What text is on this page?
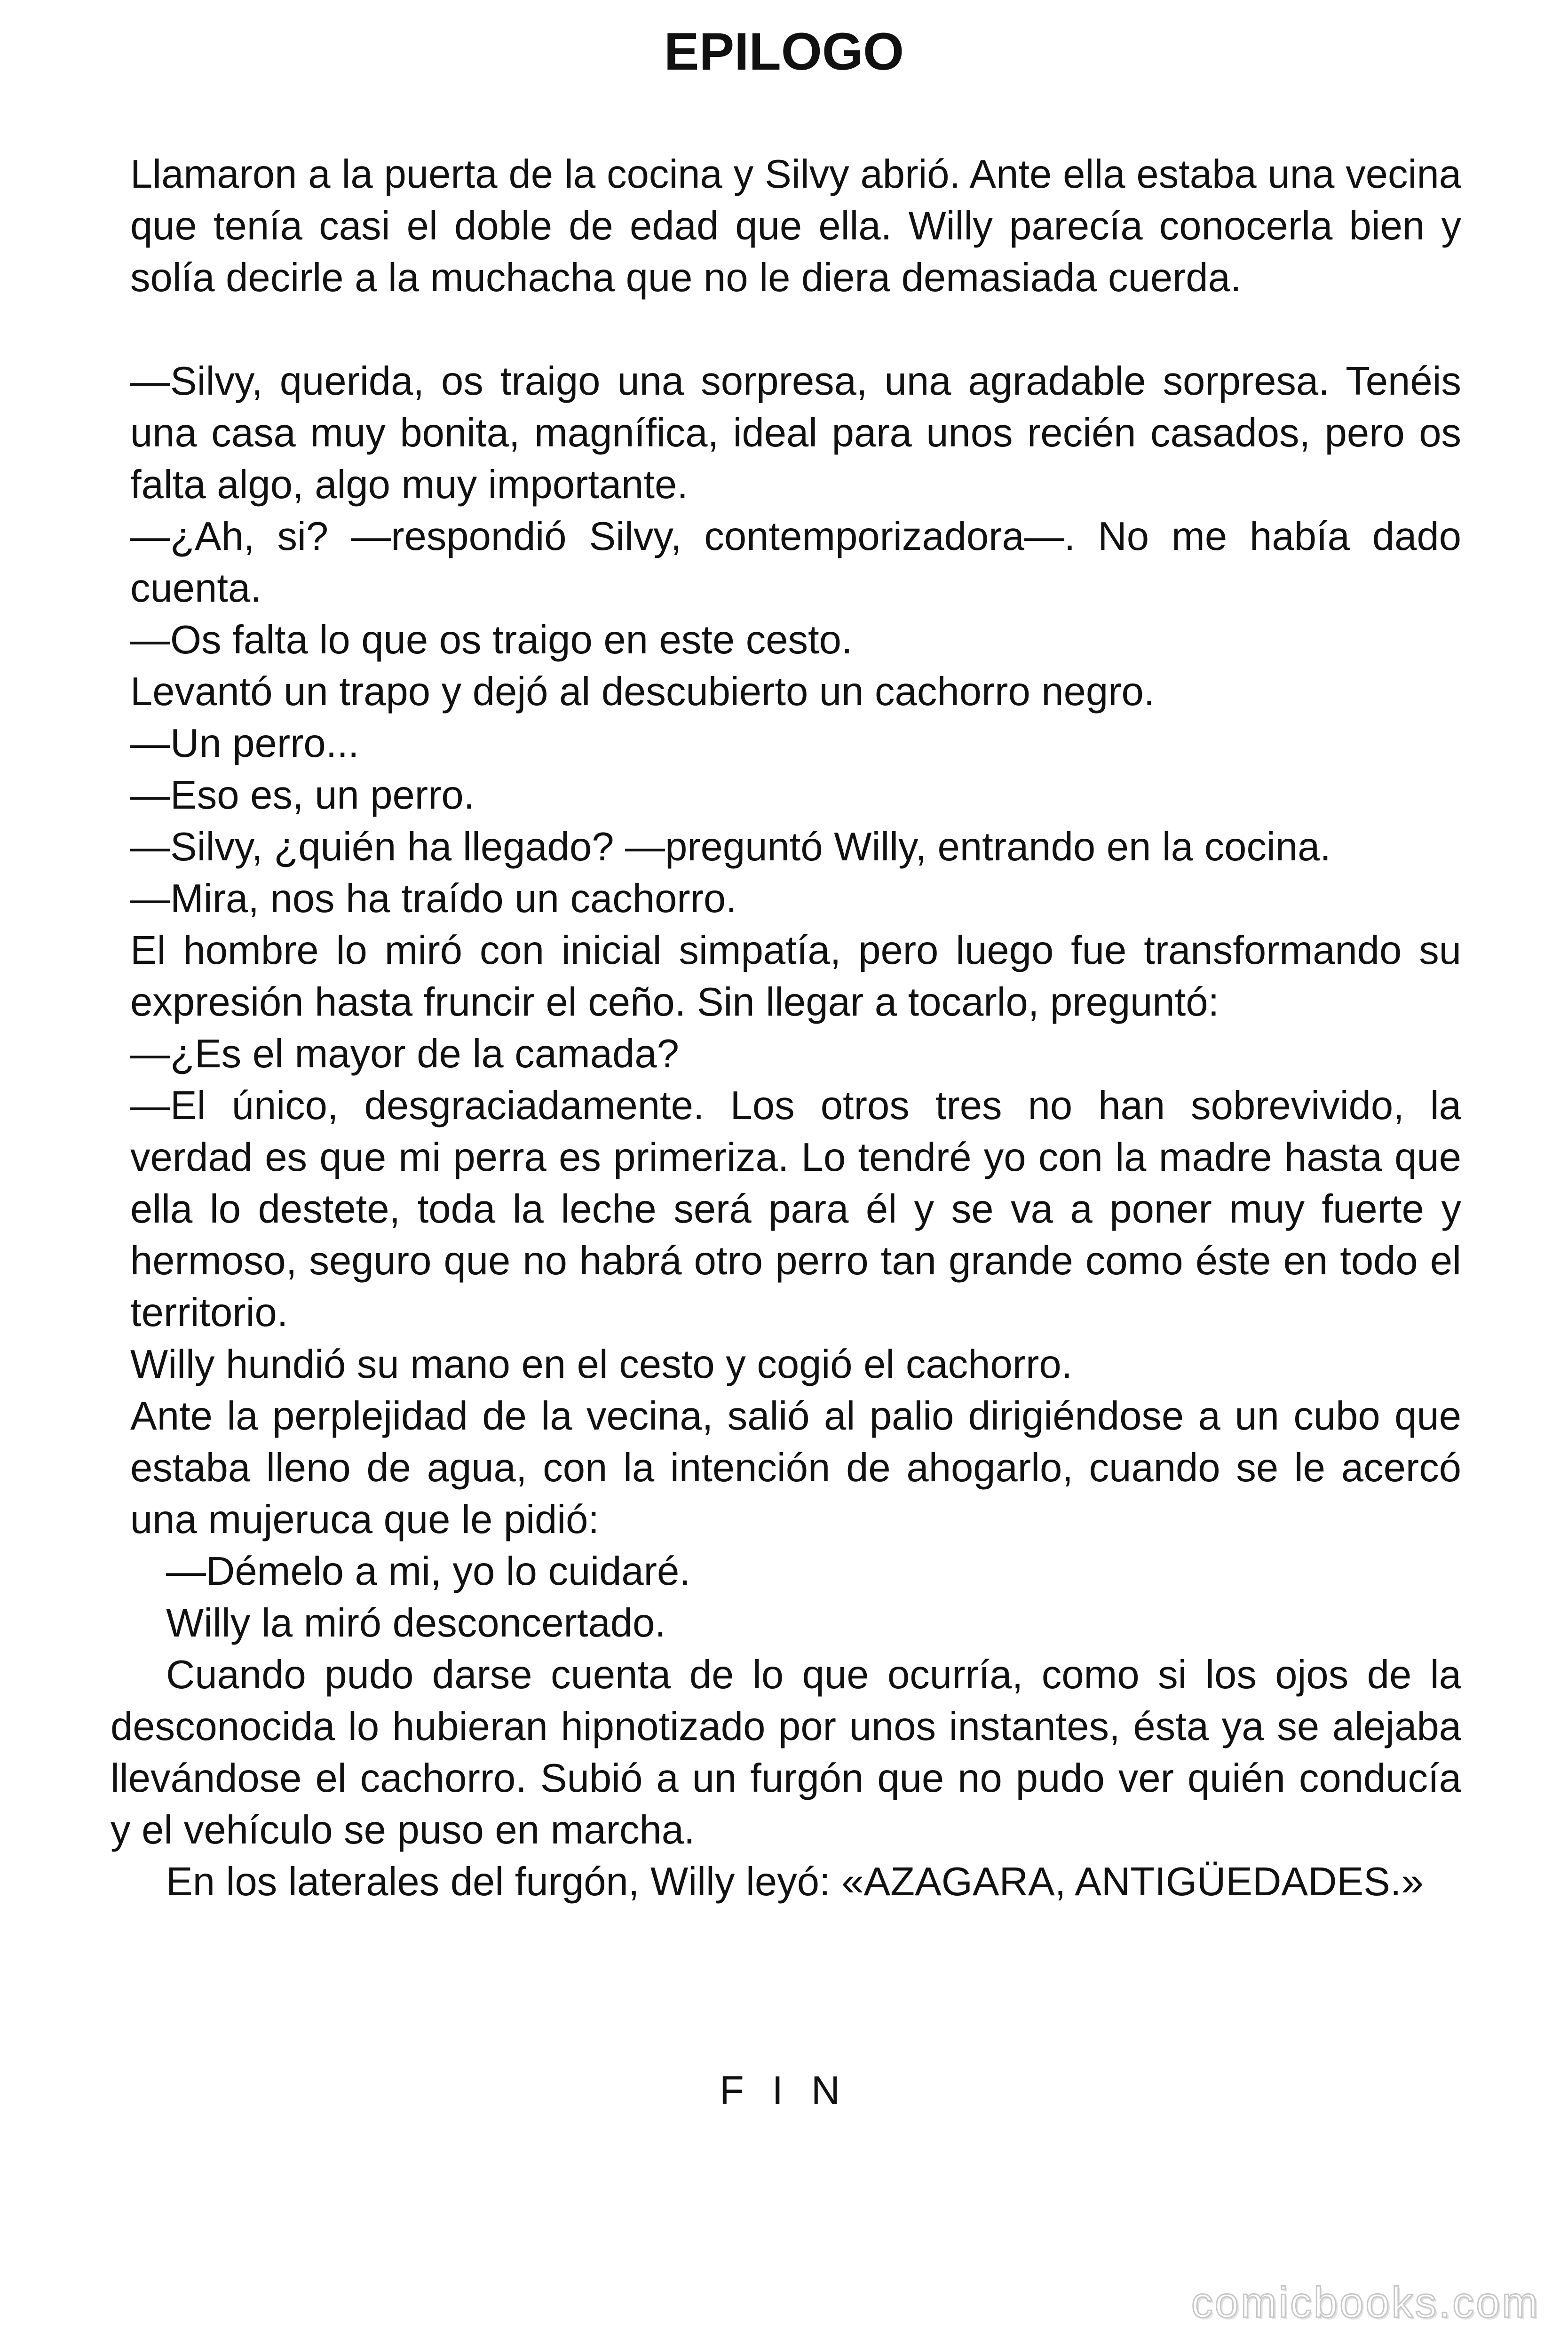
EPILOGO

Llamaron a la puerta de la cocina y Silvy abrió. Ante ella estaba una vecina que tenía casi el doble de edad que ella. Willy parecía conocerla bien y solía decirle a la muchacha que no le diera demasiada cuerda.

—Silvy, querida, os traigo una sorpresa, una agradable sorpresa. Tenéis una casa muy bonita, magnífica, ideal para unos recién casados, pero os falta algo, algo muy importante.

—¿Ah, si? —respondió Silvy, contemporizadora—. No me había dado cuenta.

—Os falta lo que os traigo en este cesto.

Levantó un trapo y dejó al descubierto un cachorro negro.

—Un perro...

—Eso es, un perro.

—Silvy, ¿quién ha llegado? —preguntó Willy, entrando en la cocina.

—Mira, nos ha traído un cachorro.

El hombre lo miró con inicial simpatía, pero luego fue transformando su expresión hasta fruncir el ceño. Sin llegar a tocarlo, preguntó:

—¿Es el mayor de la camada?

—El único, desgraciadamente. Los otros tres no han sobrevivido, la verdad es que mi perra es primeriza. Lo tendré yo con la madre hasta que ella lo destete, toda la leche será para él y se va a poner muy fuerte y hermoso, seguro que no habrá otro perro tan grande como éste en todo el territorio.

Willy hundió su mano en el cesto y cogió el cachorro.

Ante la perplejidad de la vecina, salió al palio dirigiéndose a un cubo que estaba lleno de agua, con la intención de ahogarlo, cuando se le acercó una mujeruca que le pidió:

—Démelo a mi, yo lo cuidaré.

Willy la miró desconcertado.

Cuando pudo darse cuenta de lo que ocurría, como si los ojos de la desconocida lo hubieran hipnotizado por unos instantes, ésta ya se alejaba llevándose el cachorro. Subió a un furgón que no pudo ver quién conducía y el vehículo se puso en marcha.

En los laterales del furgón, Willy leyó: «AZAGARA, ANTIGÜEDADES.»

F I N

comicbooks.com
